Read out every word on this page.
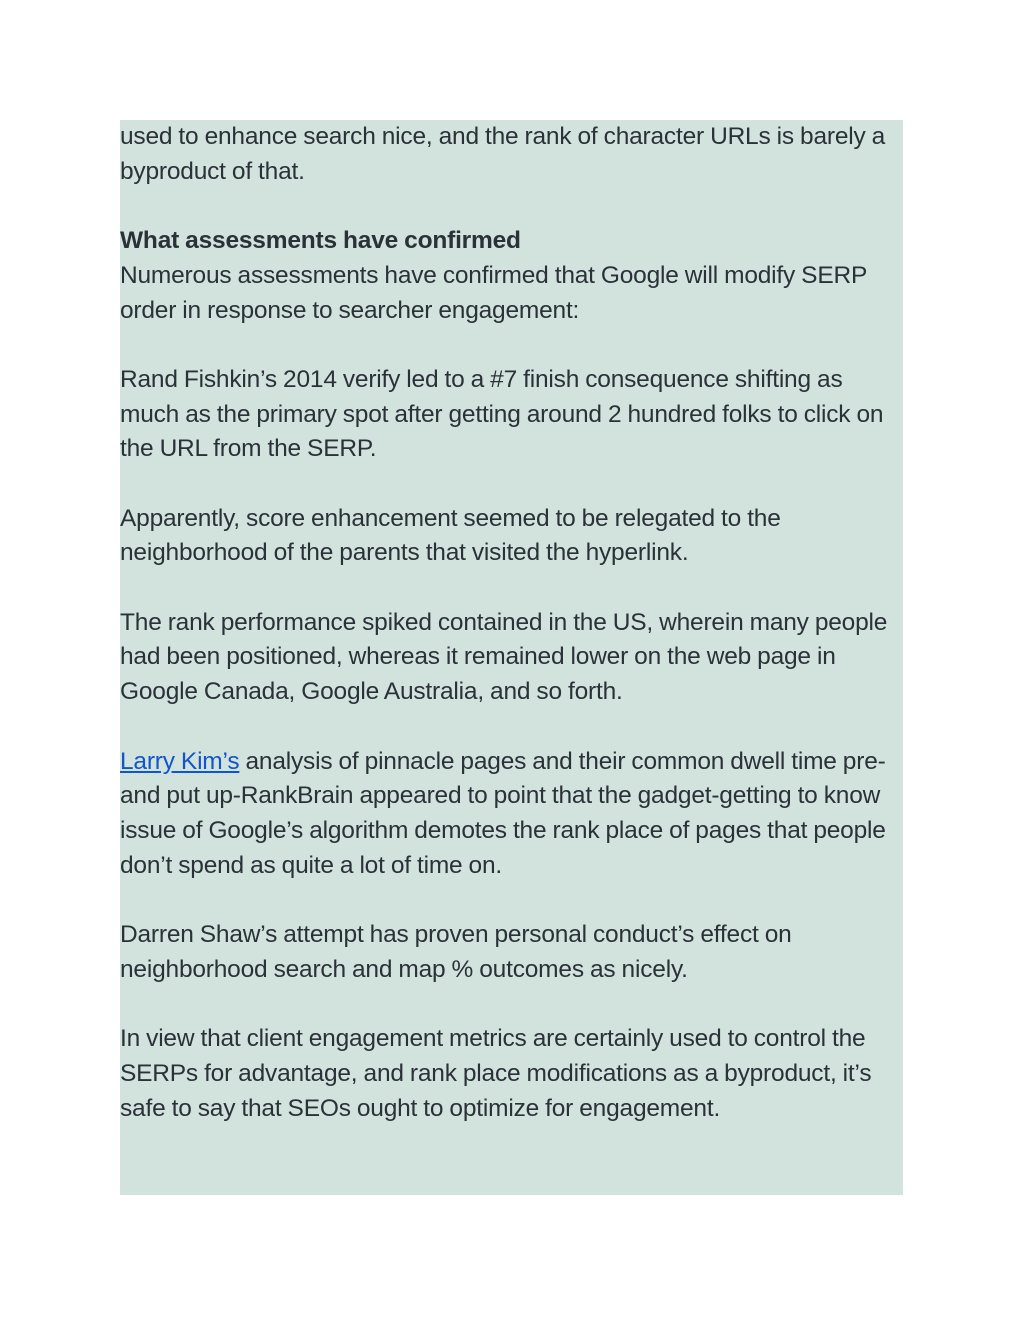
used to enhance search nice, and the rank of character URLs is barely a byproduct of that.

What assessments have confirmed

Numerous assessments have confirmed that Google will modify SERP order in response to searcher engagement:

Rand Fishkin’s 2014 verify led to a #7 finish consequence shifting as much as the primary spot after getting around 2 hundred folks to click on the URL from the SERP.

Apparently, score enhancement seemed to be relegated to the neighborhood of the parents that visited the hyperlink.

The rank performance spiked contained in the US, wherein many people had been positioned, whereas it remained lower on the web page in Google Canada, Google Australia, and so forth.

Larry Kim’s analysis of pinnacle pages and their common dwell time pre-and put up-RankBrain appeared to point that the gadget-getting to know issue of Google’s algorithm demotes the rank place of pages that people don’t spend as quite a lot of time on.

Darren Shaw’s attempt has proven personal conduct’s effect on neighborhood search and map % outcomes as nicely.

In view that client engagement metrics are certainly used to control the SERPs for advantage, and rank place modifications as a byproduct, it’s safe to say that SEOs ought to optimize for engagement.
